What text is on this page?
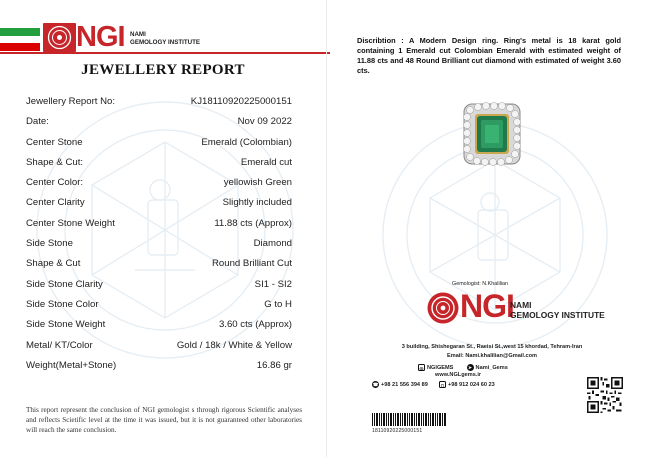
NGI NAMI
GEMOLOGY INSTITUTE
JEWELLERY REPORT
Jewellery Report No:	KJ18110920225000151
Date:	Nov 09 2022
Center Stone	Emerald (Colombian)
Shape & Cut:	Emerald cut
Center Color:	yellowish Green
Center Clarity	Slightly included
Center Stone Weight	11.88 cts (Approx)
Side Stone	Diamond
Shape & Cut	Round Brilliant Cut
Side Stone Clarity	SI1 - SI2
Side Stone Color	G to H
Side Stone Weight	3.60 cts (Approx)
Metal/ KT/Color	Gold / 18k / White & Yellow
Weight(Metal+Stone)	16.86 gr
This report represent the conclusion of NGI gemologist s through rigorous Scientific analyses and reflects Scietific level at the time it was issued, but it is not guaranteed other laboratories will reach the same conclusion.
Discribtion : A Modern Design ring. Ring's metal is 18 karat gold containing 1 Emerald cut Colombian Emerald with estimated weight of 11.88 cts and 48 Round Brilliant cut diamond with estimated of weight 3.60 cts.
Gemologist: N.Khalilian
NGI
NAMI
GEMOLOGY INSTITUTE
3 building, Shishegaran St., Raeisi St.,west 15 khordad, Tehram-Iran
Email: Nami.khalilian@Gmail.com
◎ NGIGEMS	➤ Nami_Gems
www.NGLgems.ir
☎ +98 21 556 394 89	▯ +98 912 024 60 23
18110920225000151
